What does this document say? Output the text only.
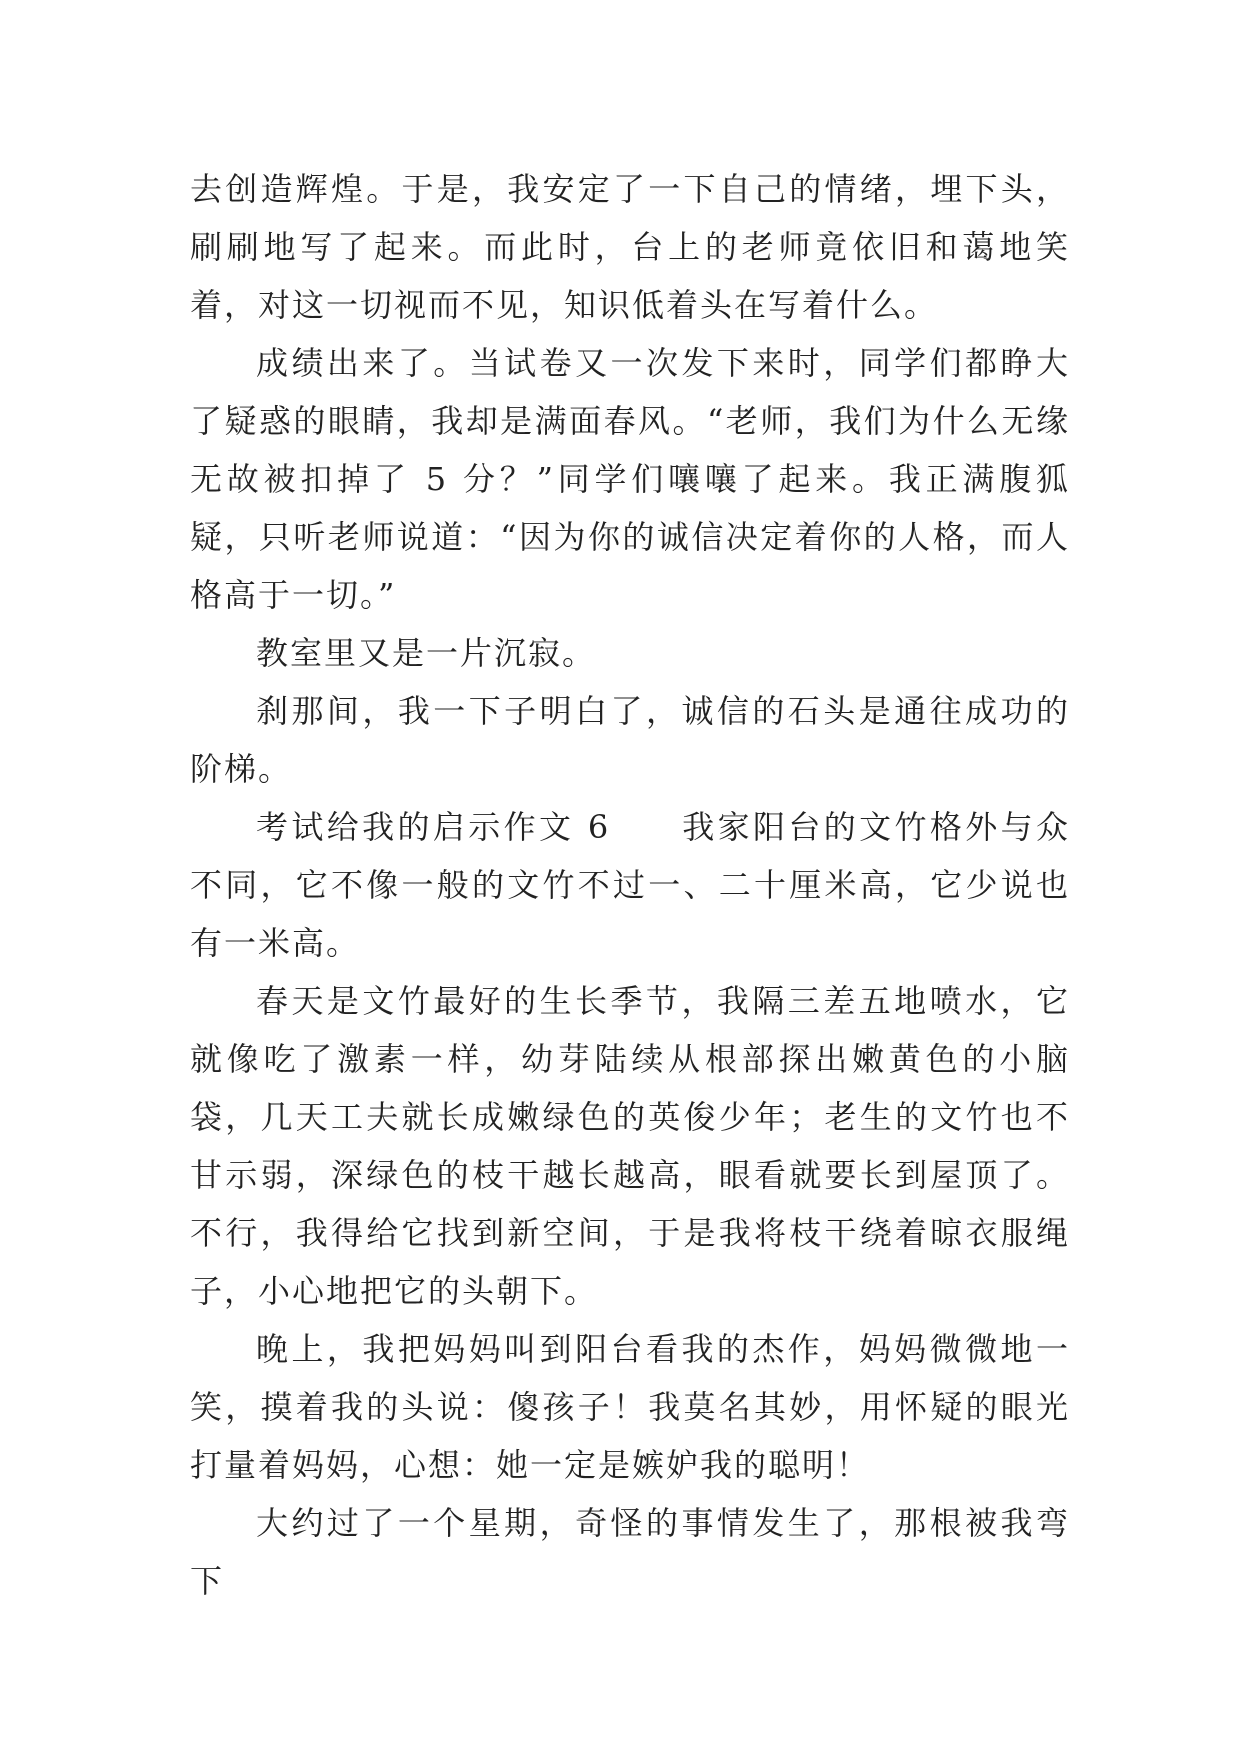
去创造辉煌。于是，我安定了一下自己的情绪，埋下头，刷刷地写了起来。而此时，台上的老师竟依旧和蔼地笑着，对这一切视而不见，知识低着头在写着什么。

成绩出来了。当试卷又一次发下来时，同学们都睁大了疑惑的眼睛，我却是满面春风。“老师，我们为什么无缘无故被扣掉了 5 分？”同学们嚷嚷了起来。我正满腹狐疑，只听老师说道：“因为你的诚信决定着你的人格，而人格高于一切。”

教室里又是一片沉寂。

刹那间，我一下子明白了，诚信的石头是通往成功的阶梯。

考试给我的启示作文 6　　我家阳台的文竹格外与众不同，它不像一般的文竹不过一、二十厘米高，它少说也有一米高。

春天是文竹最好的生长季节，我隔三差五地喷水，它就像吃了激素一样，幼芽陆续从根部探出嫩黄色的小脑袋，几天工夫就长成嫩绿色的英俊少年；老生的文竹也不甘示弱，深绿色的枝干越长越高，眼看就要长到屋顶了。不行，我得给它找到新空间，于是我将枝干绕着晾衣服绳子，小心地把它的头朝下。

晚上，我把妈妈叫到阳台看我的杰作，妈妈微微地一笑，摸着我的头说：傻孩子！我莫名其妙，用怀疑的眼光打量着妈妈，心想：她一定是嫉妒我的聪明！

大约过了一个星期，奇怪的事情发生了，那根被我弯下
